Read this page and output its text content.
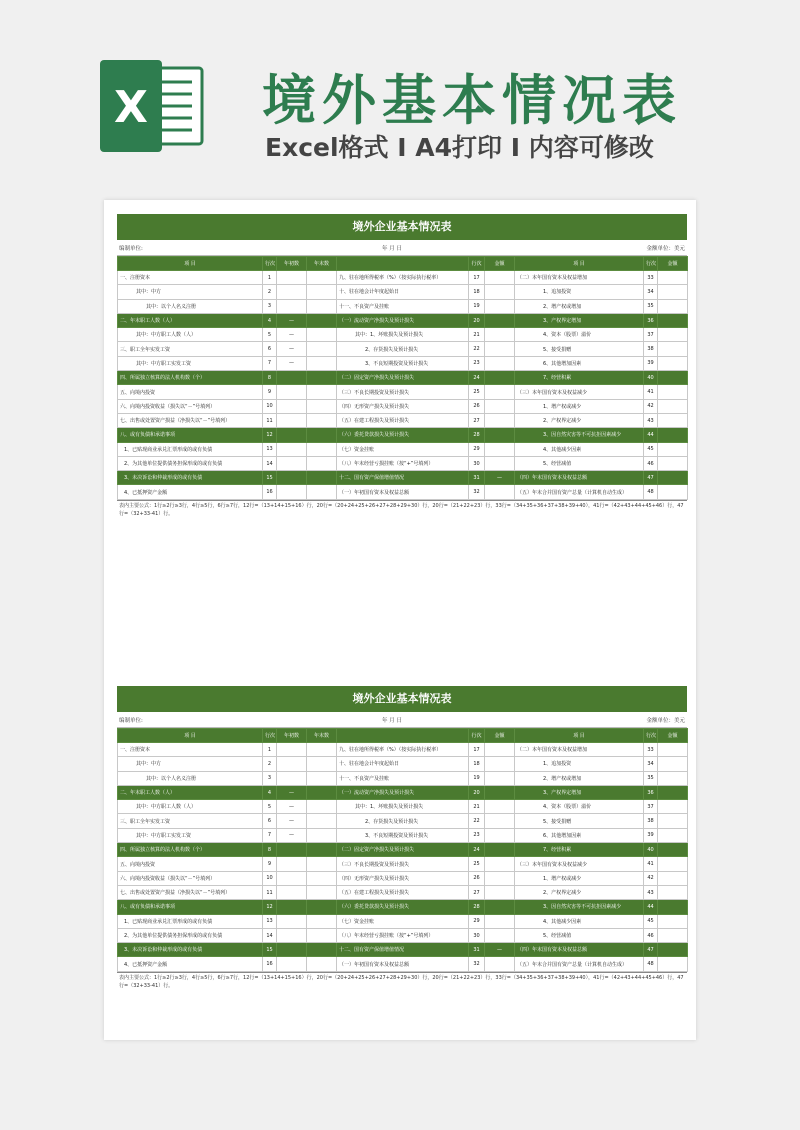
X 境外基本情况表
Excel格式 I A4打印 I 内容可修改
境外企业基本情况表
编制单位:	年 月 日	金额单位：美元
项 目	行次	年初数	年末数		行次	金额	项 目	行次	金额
一、注册资本	1			九、驻在地所得税率（%）（按实际执行税率）	17		（二）本年国有资本及权益增加	33	
其中：中方	2			十、驻在地会计年度起始日	18		1、追加投资	34	
其中：以个人名义注册	3			十一、不良资产及挂账	19		2、增产权或增加	35	
二、年末职工人数（人）	4	—		（一）流动资产净损失及预计损失	20		3、产权界定增加	36	
其中：中方职工人数（人）	5	—		其中：1、坏账损失及预计损失	21		4、资本（股票）溢价	37	
三、职工全年实发工资	6	—		2、存货损失及预计损失	22		5、接受捐赠	38	
其中：中方职工实发工资	7	—		3、不良短期投资及预计损失	23		6、其他增加因素	39	
四、所属独立核算的法人机构数（个）	8			（二）固定资产净损失及预计损失	24		7、经营积累	40	
五、向境内投资	9			（三）不良长期投资及预计损失	25		（三）本年国有资本及权益减少	41	
六、向境内投资收益（损失以“－”号填列）	10			（四）无形资产损失及预计损失	26		1、增产权或减少	42	
七、出售或处置资产损益（净损失以“－”号填列）	11			（五）在建工程损失及预计损失	27		2、产权界定减少	43	
八、或有负债和承诺事项	12			（六）委托贷款损失及预计损失	28		3、因自然灾害等不可抗拒因素减少	44	
1、已贴现商业承兑汇票形成的或有负债	13			（七）资金挂账	29		4、其他减少因素	45	
2、为其他单位提供债务担保形成的或有负债	14			（八）年末经营亏损挂账（按“+”号填列）	30		5、经营减值	46	
3、未决诉讼和仲裁形成的或有负债	15			十二、国有资产保值增值情况	31	—	（四）年末国有资本及权益总额	47	
4、已抵押资产金额	16			（一）年初国有资本及权益总额	32		（五）年末合并国有资产总量（计算机自动生成）	48	
表内主要公式：1行≥2行≥3行，4行≥5行，6行≥7行，12行=（13+14+15+16）行，20行=（20+24+25+26+27+28+29+30）行，20行=（21+22+23）行，33行=（34+35+36+37+38+39+40），41行=（42+43+44+45+46）行，47行=（32+33-41）行。
境外企业基本情况表
编制单位:	年 月 日	金额单位：美元
项 目	行次	年初数	年末数		行次	金额	项 目	行次	金额
一、注册资本	1			九、驻在地所得税率（%）（按实际执行税率）	17		（二）本年国有资本及权益增加	33	
其中：中方	2			十、驻在地会计年度起始日	18		1、追加投资	34	
其中：以个人名义注册	3			十一、不良资产及挂账	19		2、增产权或增加	35	
二、年末职工人数（人）	4	—		（一）流动资产净损失及预计损失	20		3、产权界定增加	36	
其中：中方职工人数（人）	5	—		其中：1、坏账损失及预计损失	21		4、资本（股票）溢价	37	
三、职工全年实发工资	6	—		2、存货损失及预计损失	22		5、接受捐赠	38	
其中：中方职工实发工资	7	—		3、不良短期投资及预计损失	23		6、其他增加因素	39	
四、所属独立核算的法人机构数（个）	8			（二）固定资产净损失及预计损失	24		7、经营积累	40	
五、向境内投资	9			（三）不良长期投资及预计损失	25		（三）本年国有资本及权益减少	41	
六、向境内投资收益（损失以“－”号填列）	10			（四）无形资产损失及预计损失	26		1、增产权或减少	42	
七、出售或处置资产损益（净损失以“－”号填列）	11			（五）在建工程损失及预计损失	27		2、产权界定减少	43	
八、或有负债和承诺事项	12			（六）委托贷款损失及预计损失	28		3、因自然灾害等不可抗拒因素减少	44	
1、已贴现商业承兑汇票形成的或有负债	13			（七）资金挂账	29		4、其他减少因素	45	
2、为其他单位提供债务担保形成的或有负债	14			（八）年末经营亏损挂账（按“+”号填列）	30		5、经营减值	46	
3、未决诉讼和仲裁形成的或有负债	15			十二、国有资产保值增值情况	31	—	（四）年末国有资本及权益总额	47	
4、已抵押资产金额	16			（一）年初国有资本及权益总额	32		（五）年末合并国有资产总量（计算机自动生成）	48	
表内主要公式：1行≥2行≥3行，4行≥5行，6行≥7行，12行=（13+14+15+16）行，20行=（20+24+25+26+27+28+29+30）行，20行=（21+22+23）行，33行=（34+35+36+37+38+39+40），41行=（42+43+44+45+46）行，47行=（32+33-41）行。
